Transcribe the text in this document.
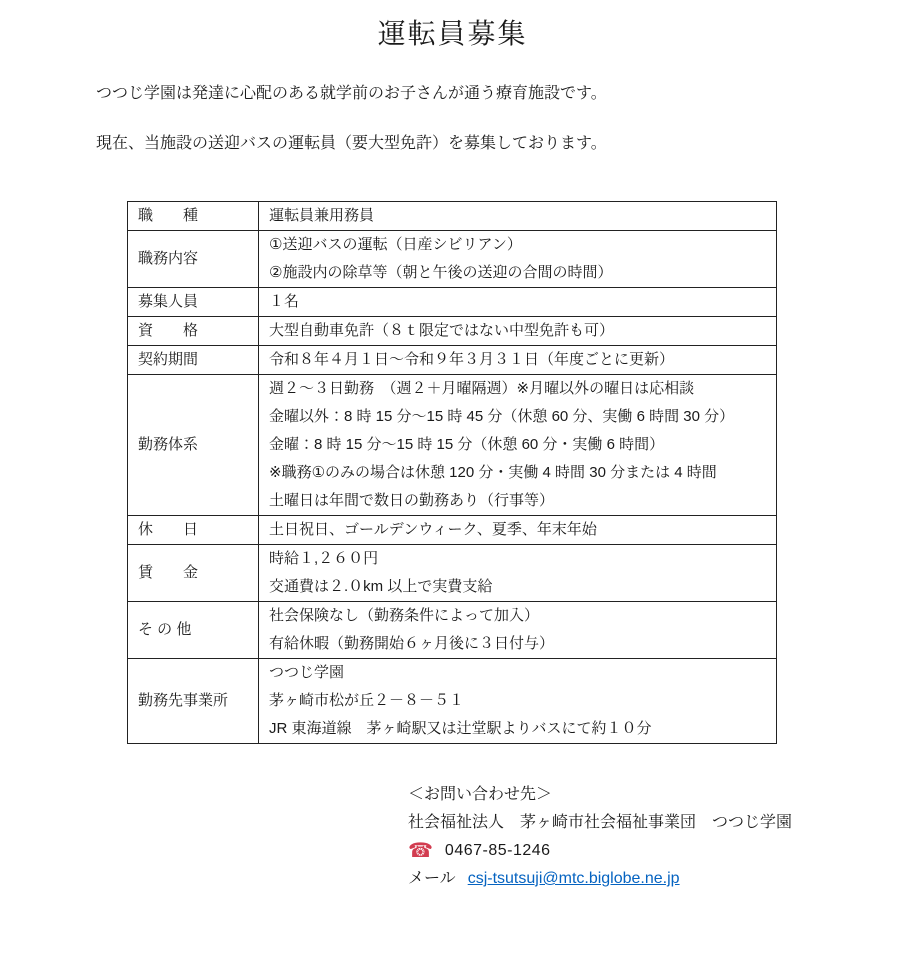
運転員募集

つつじ学園は発達に心配のある就学前のお子さんが通う療育施設です。

現在、当施設の送迎バスの運転員（要大型免許）を募集しております。

職　　種	運転員兼用務員

職務内容	①送迎バスの運転（日産シビリアン）
②施設内の除草等（朝と午後の送迎の合間の時間）

募集人員	１名

資　　格	大型自動車免許（８ｔ限定ではない中型免許も可）

契約期間	令和８年４月１日～令和９年３月３１日（年度ごとに更新）

勤務体系	週２～３日勤務　（週２＋月曜隔週）※月曜以外の曜日は応相談
金曜以外：8 時 15 分～15 時 45 分（休憩 60 分、実働 6 時間 30 分）
金曜：8 時 15 分～15 時 15 分（休憩 60 分・実働 6 時間）
※職務①のみの場合は休憩 120 分・実働 4 時間 30 分または 4 時間
土曜日は年間で数日の勤務あり（行事等）

休　　日	土日祝日、ゴールデンウィーク、夏季、年末年始

賃　　金	時給１,２６０円
交通費は２.０km 以上で実費支給

そ の 他	社会保険なし（勤務条件によって加入）
有給休暇（勤務開始６ヶ月後に３日付与）

勤務先事業所	つつじ学園
茅ヶ崎市松が丘２－８－５１
JR 東海道線　茅ヶ崎駅又は辻堂駅よりバスにて約１０分

＜お問い合わせ先＞

社会福祉法人　茅ヶ崎市社会福祉事業団　つつじ学園

☎ 0467-85-1246
メール csj-tsutsuji@mtc.biglobe.ne.jp
